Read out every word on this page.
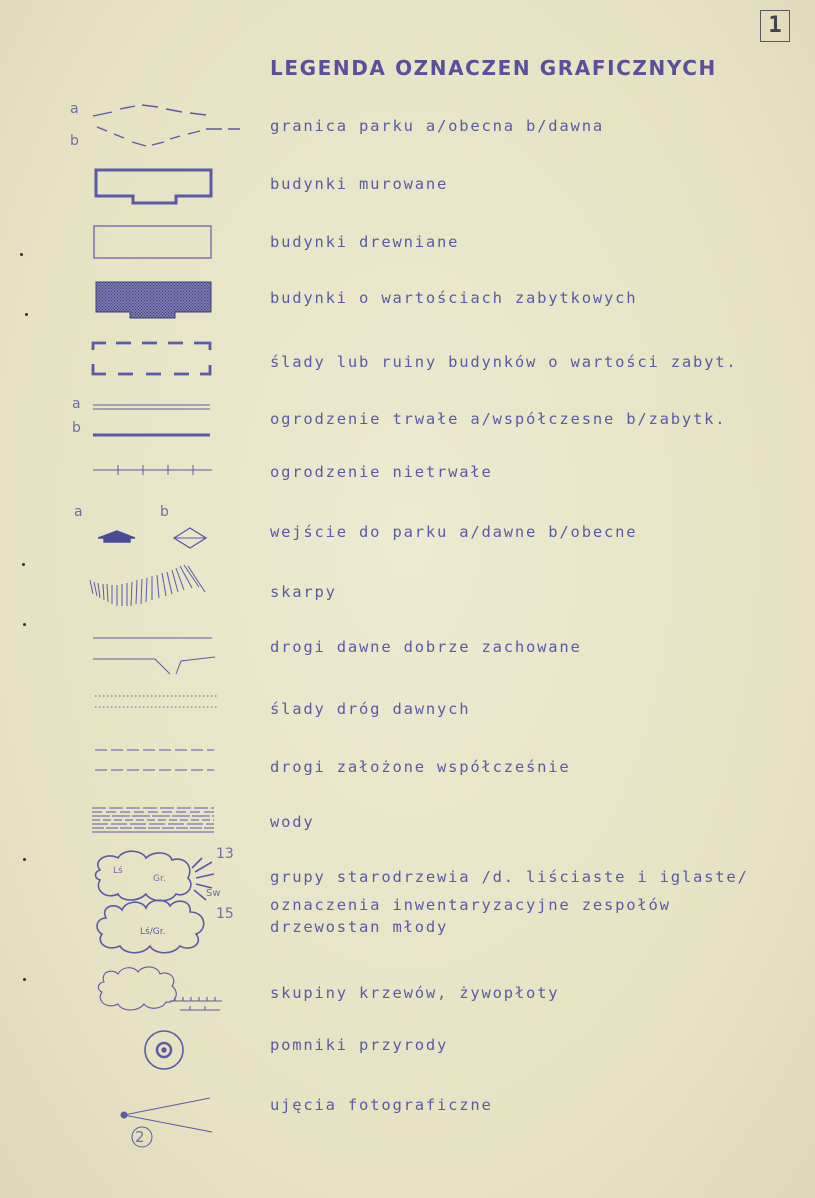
1
LEGENDA OZNACZEN GRAFICZNYCH
a
b
a
b
a	b
13
15
Lś
Gr.
Św
2
granica parku a/obecna b/dawna
budynki murowane
budynki drewniane
budynki o wartościach zabytkowych
ślady lub ruiny budynków o wartości zabyt.
ogrodzenie trwałe a/współczesne b/zabytk.
ogrodzenie nietrwałe
wejście do parku a/dawne b/obecne
skarpy
drogi dawne dobrze zachowane
ślady dróg dawnych
drogi założone współcześnie
wody
grupy starodrzewia /d. liściaste i iglaste/
oznaczenia inwentaryzacyjne zespołów
drzewostan młody
skupiny krzewów, żywopłoty
pomniki przyrody
ujęcia fotograficzne
Lś/Gr.
